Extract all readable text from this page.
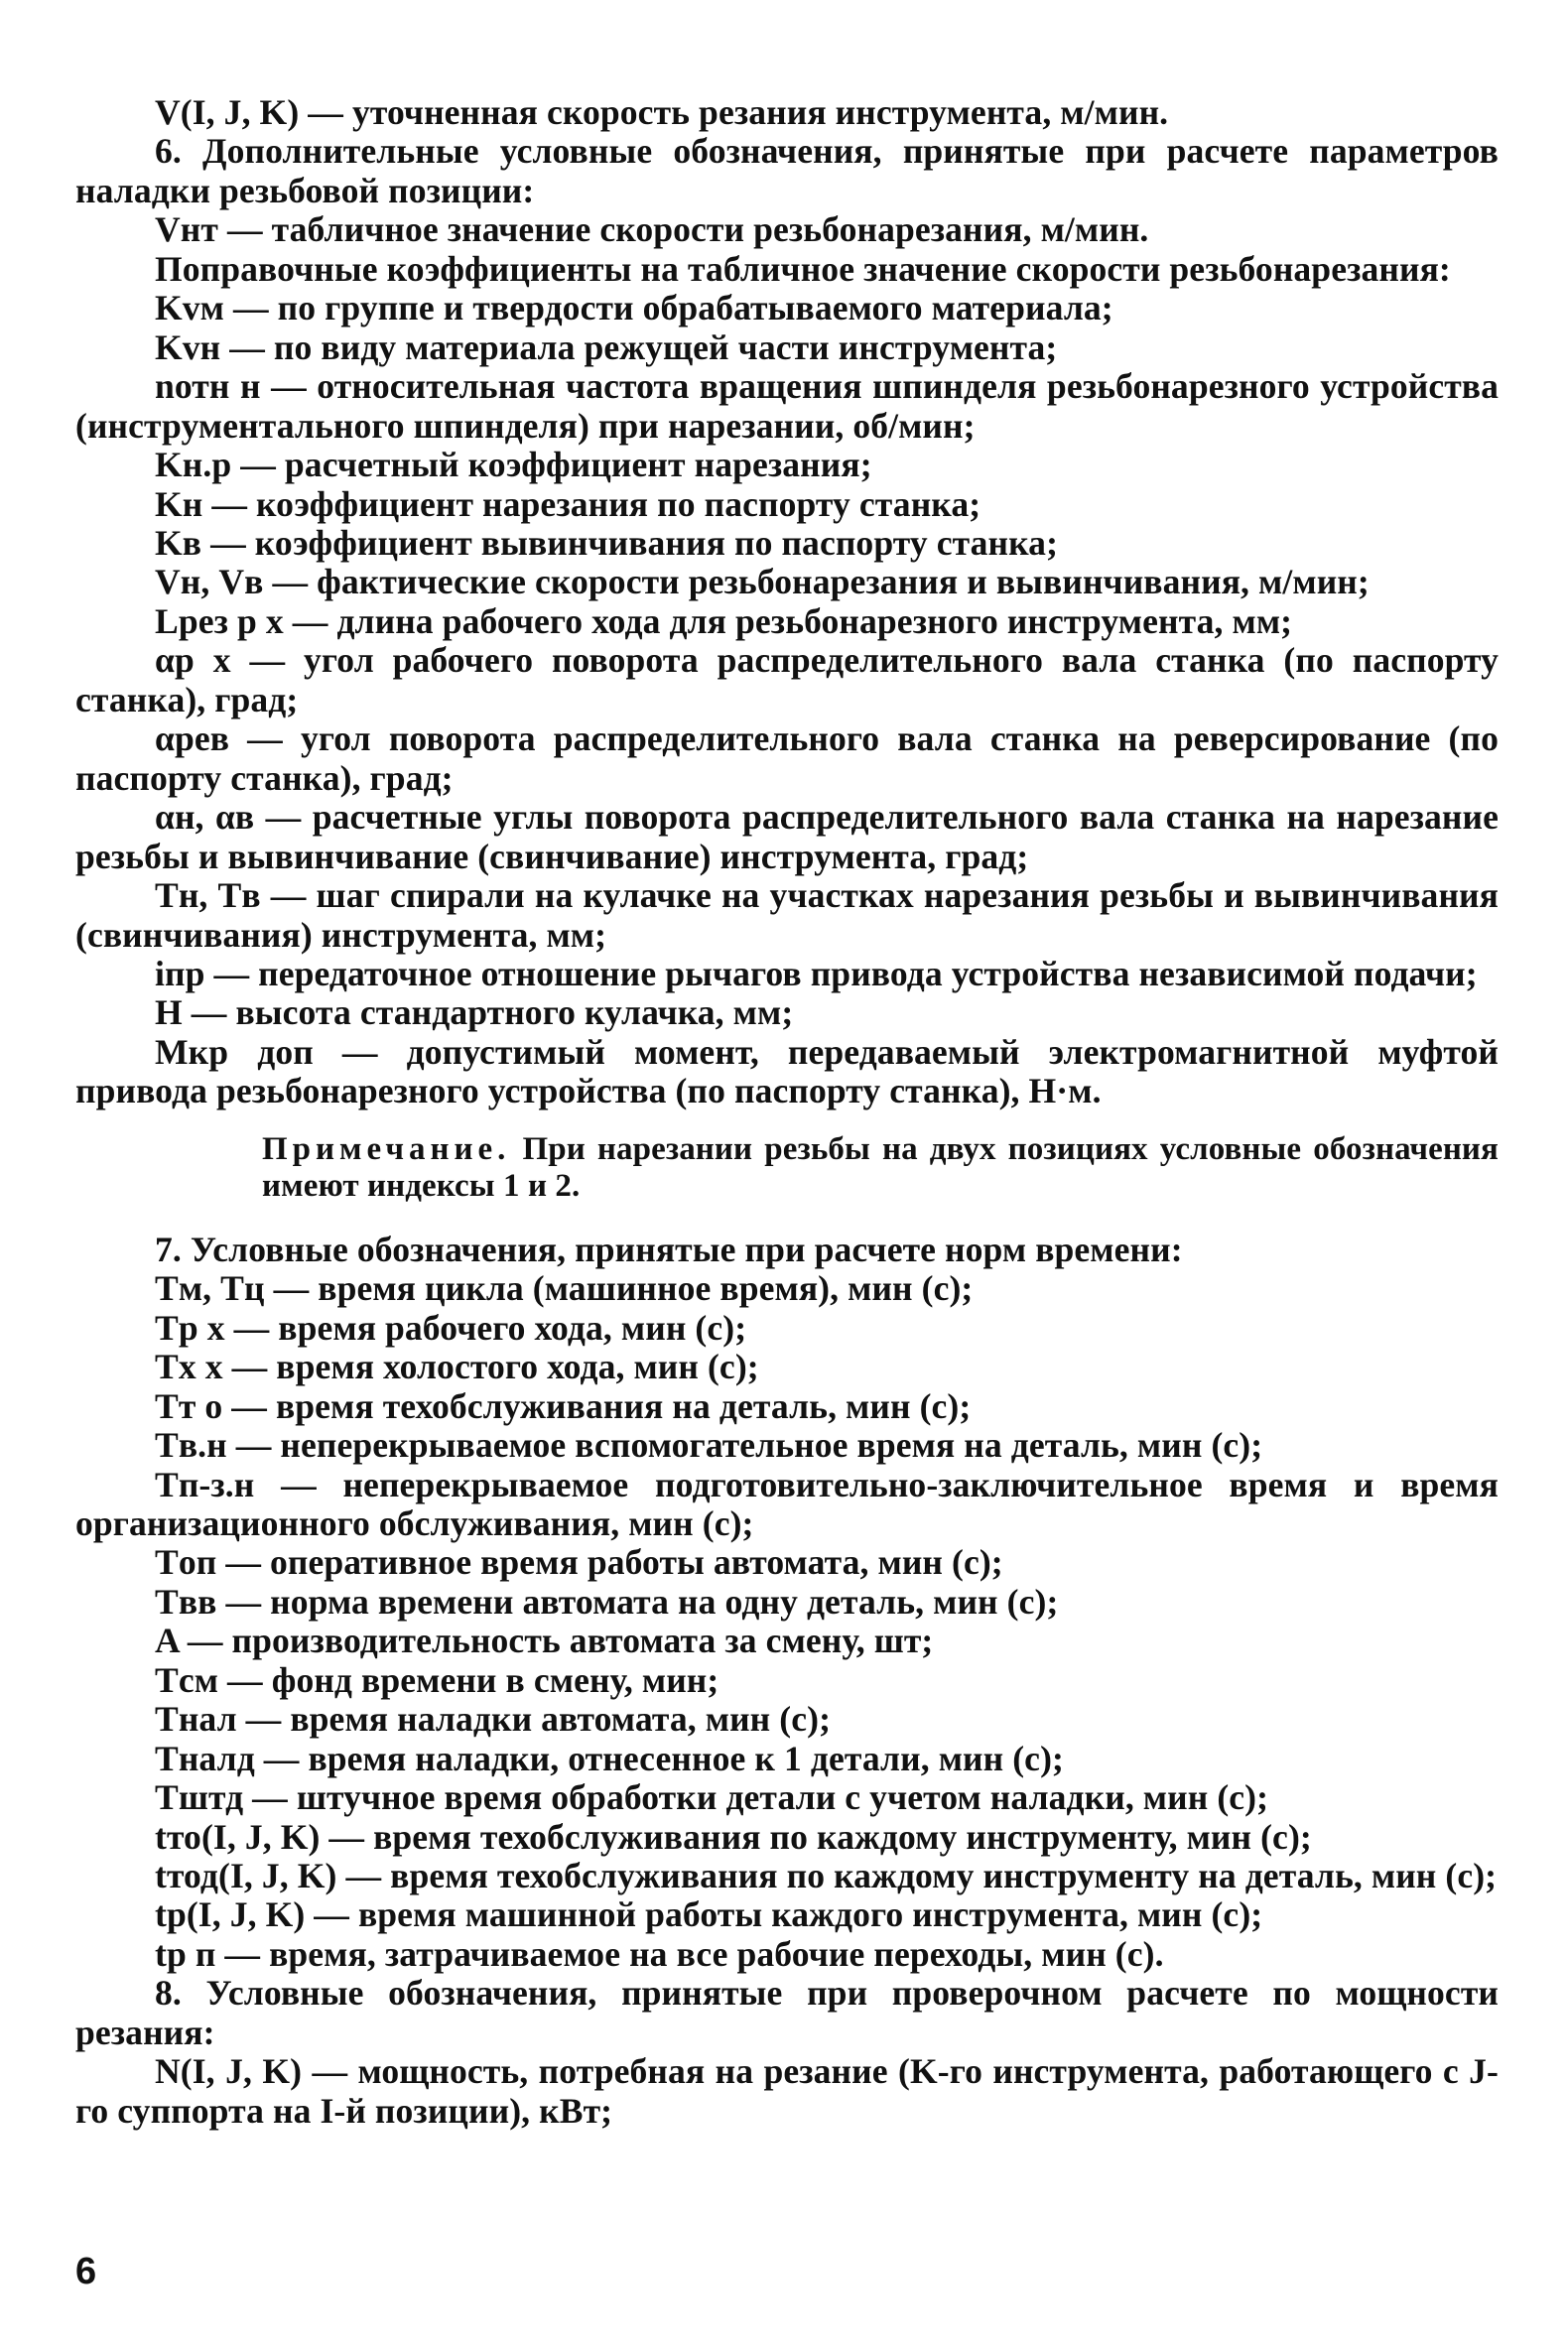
V(I, J, K) — уточненная скорость резания инструмента, м/мин.

6. Дополнительные условные обозначения, принятые при расчете параметров наладки резьбовой позиции:

Vнт — табличное значение скорости резьбонарезания, м/мин.

Поправочные коэффициенты на табличное значение скорости резьбонарезания:

Kvм — по группе и твердости обрабатываемого материала;

Kvн — по виду материала режущей части инструмента;

nотн н — относительная частота вращения шпинделя резьбонарезного устройства (инструментального шпинделя) при нарезании, об/мин;

Kн.р — расчетный коэффициент нарезания;

Kн — коэффициент нарезания по паспорту станка;

Kв — коэффициент вывинчивания по паспорту станка;

Vн, Vв — фактические скорости резьбонарезания и вывинчивания, м/мин;

Lрез р х — длина рабочего хода для резьбонарезного инструмента, мм;

αр х — угол рабочего поворота распределительного вала станка (по паспорту станка), град;

αрев — угол поворота распределительного вала станка на реверсирование (по паспорту станка), град;

αн, αв — расчетные углы поворота распределительного вала станка на нарезание резьбы и вывинчивание (свинчивание) инструмента, град;

Tн, Tв — шаг спирали на кулачке на участках нарезания резьбы и вывинчивания (свинчивания) инструмента, мм;

iпр — передаточное отношение рычагов привода устройства независимой подачи;

H — высота стандартного кулачка, мм;

Mкр доп — допустимый момент, передаваемый электромагнитной муфтой привода резьбонарезного устройства (по паспорту станка), H·м.

Примечание. При нарезании резьбы на двух позициях условные обозначения имеют индексы 1 и 2.

7. Условные обозначения, принятые при расчете норм времени:

Tм, Tц — время цикла (машинное время), мин (с);

Tр х — время рабочего хода, мин (с);

Tх х — время холостого хода, мин (с);

Tт о — время техобслуживания на деталь, мин (с);

Tв.н — неперекрываемое вспомогательное время на деталь, мин (с);

Tп-з.н — неперекрываемое подготовительно-заключительное время и время организационного обслуживания, мин (с);

Tоп — оперативное время работы автомата, мин (с);

Tвв — норма времени автомата на одну деталь, мин (с);

A — производительность автомата за смену, шт;

Tсм — фонд времени в смену, мин;

Tнал — время наладки автомата, мин (с);

Tналд — время наладки, отнесенное к 1 детали, мин (с);

Tштд — штучное время обработки детали с учетом наладки, мин (с);

tто(I, J, K) — время техобслуживания по каждому инструменту, мин (с);

tтод(I, J, K) — время техобслуживания по каждому инструменту на деталь, мин (с);

tр(I, J, K) — время машинной работы каждого инструмента, мин (с);

tр п — время, затрачиваемое на все рабочие переходы, мин (с).

8. Условные обозначения, принятые при проверочном расчете по мощности резания:

N(I, J, K) — мощность, потребная на резание (K-го инструмента, работающего с J-го суппорта на I-й позиции), кВт;

6
